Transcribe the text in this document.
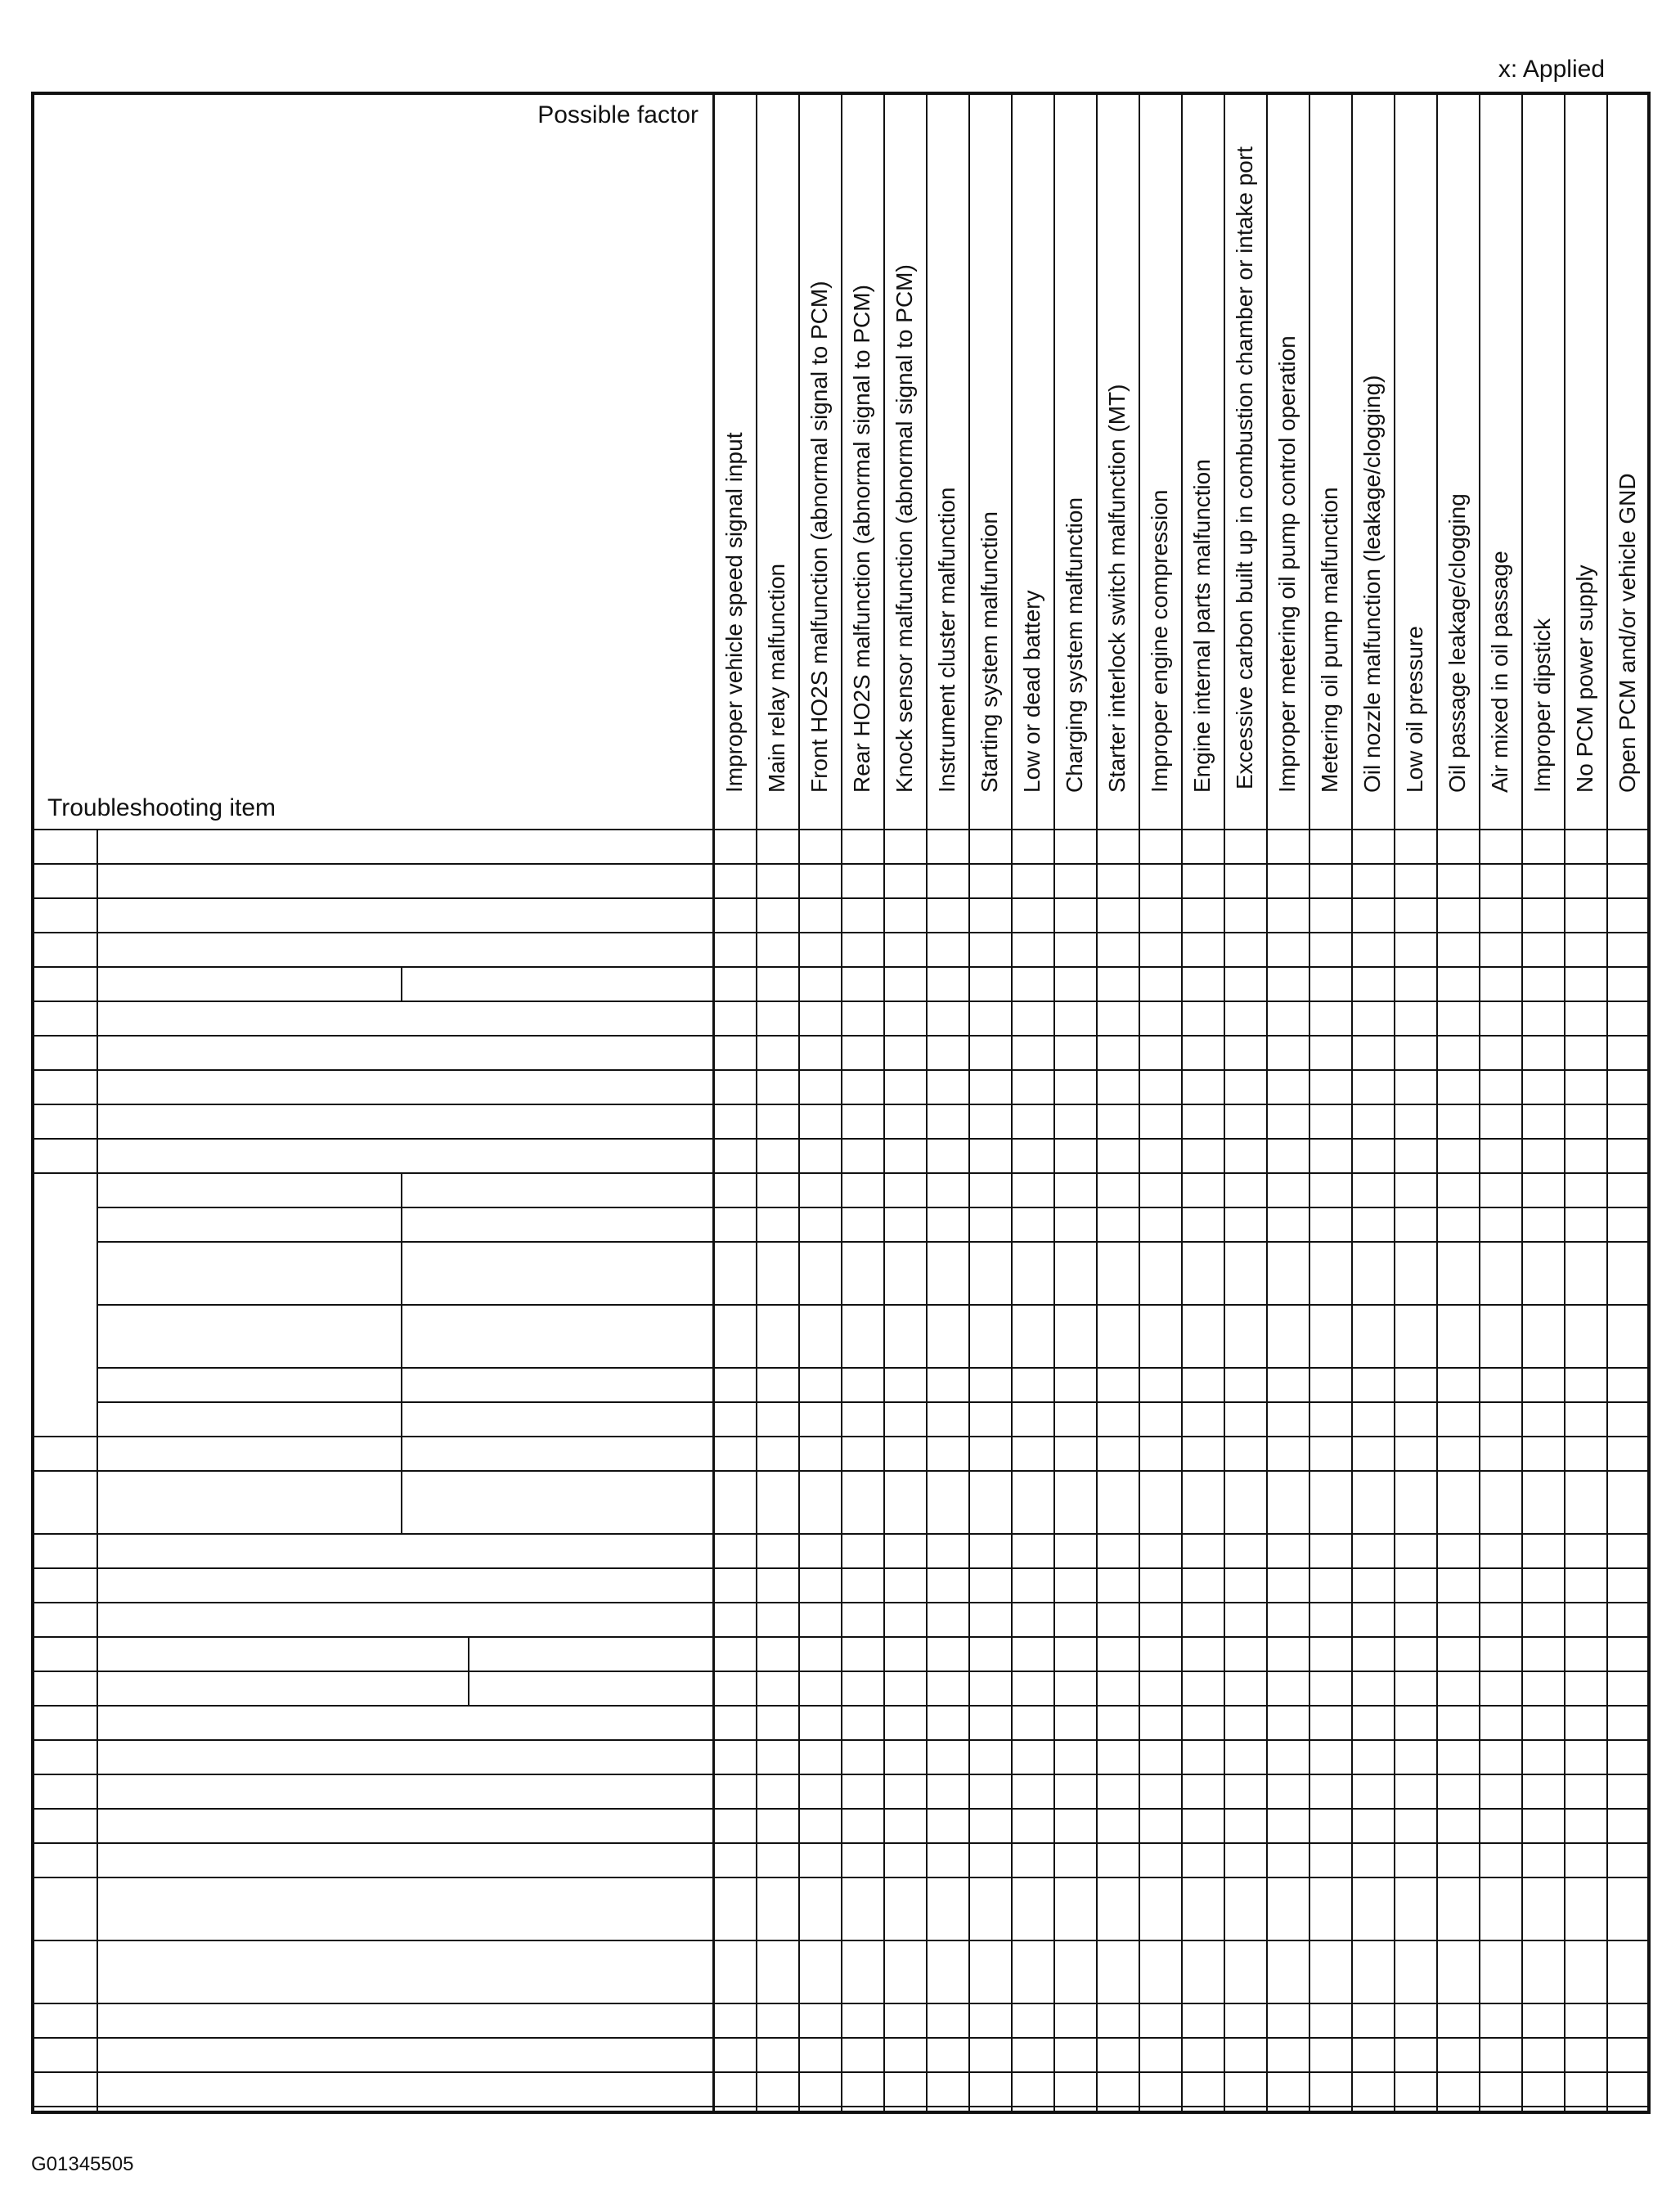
x: Applied
Possible factor
Troubleshooting item
Improper vehicle speed signal input Main relay malfunction Front HO2S malfunction (abnormal signal to PCM) Rear HO2S malfunction (abnormal signal to PCM) Knock sensor malfunction (abnormal signal to PCM) Instrument cluster malfunction Starting system malfunction Low or dead battery Charging system malfunction Starter interlock switch malfunction (MT) Improper engine compression Engine internal parts malfunction Excessive carbon built up in combustion chamber or intake port Improper metering oil pump control operation Metering oil pump malfunction Oil nozzle malfunction (leakage/clogging) Low oil pressure Oil passage leakage/clogging Air mixed in oil passage Improper dipstick No PCM power supply Open PCM and/or vehicle GND
G01345505
